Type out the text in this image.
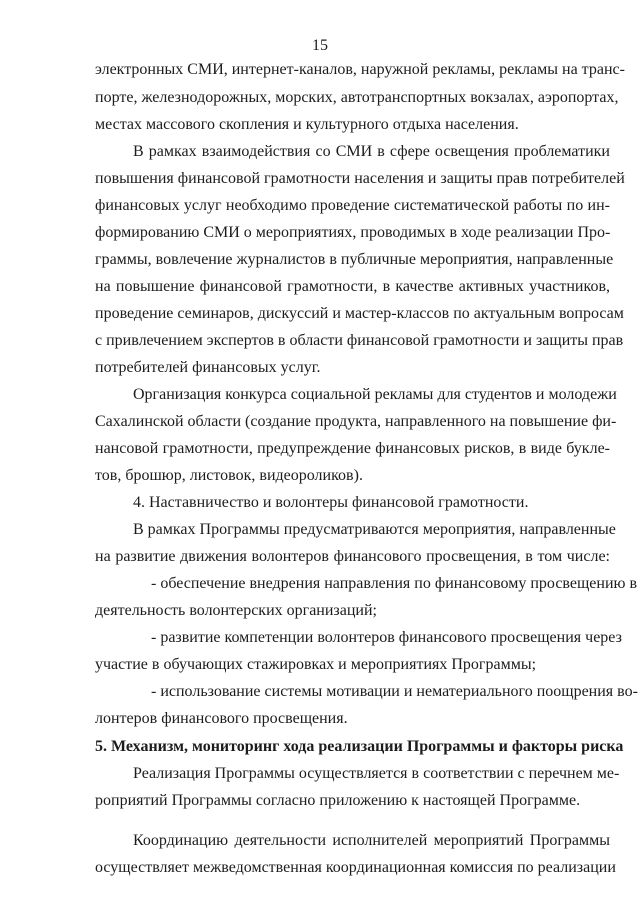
15
электронных СМИ, интернет-каналов, наружной рекламы, рекламы на транс-
порте, железнодорожных, морских, автотранспортных вокзалах, аэропортах,
местах массового скопления и культурного отдыха населения.
В рамках взаимодействия со СМИ в сфере освещения проблематики
повышения финансовой грамотности населения и защиты прав потребителей
финансовых услуг необходимо проведение систематической работы по ин-
формированию СМИ о мероприятиях, проводимых в ходе реализации Про-
граммы, вовлечение журналистов в публичные мероприятия, направленные
на повышение финансовой грамотности, в качестве активных участников,
проведение семинаров, дискуссий и мастер-классов по актуальным вопросам
с привлечением экспертов в области финансовой грамотности и защиты прав
потребителей финансовых услуг.
Организация конкурса социальной рекламы для студентов и молодежи
Сахалинской области (создание продукта, направленного на повышение фи-
нансовой грамотности, предупреждение финансовых рисков, в виде букле-
тов, брошюр, листовок, видеороликов).
4. Наставничество и волонтеры финансовой грамотности.
В рамках Программы предусматриваются мероприятия, направленные
на развитие движения волонтеров финансового просвещения, в том числе:
- обеспечение внедрения направления по финансовому просвещению в
деятельность волонтерских организаций;
- развитие компетенции волонтеров финансового просвещения через
участие в обучающих стажировках и мероприятиях Программы;
- использование системы мотивации и нематериального поощрения во-
лонтеров финансового просвещения.
5. Механизм, мониторинг хода реализации Программы и факторы риска
Реализация Программы осуществляется в соответствии с перечнем ме-
роприятий Программы согласно приложению к настоящей Программе.
Координацию деятельности исполнителей мероприятий Программы
осуществляет межведомственная координационная комиссия по реализации
